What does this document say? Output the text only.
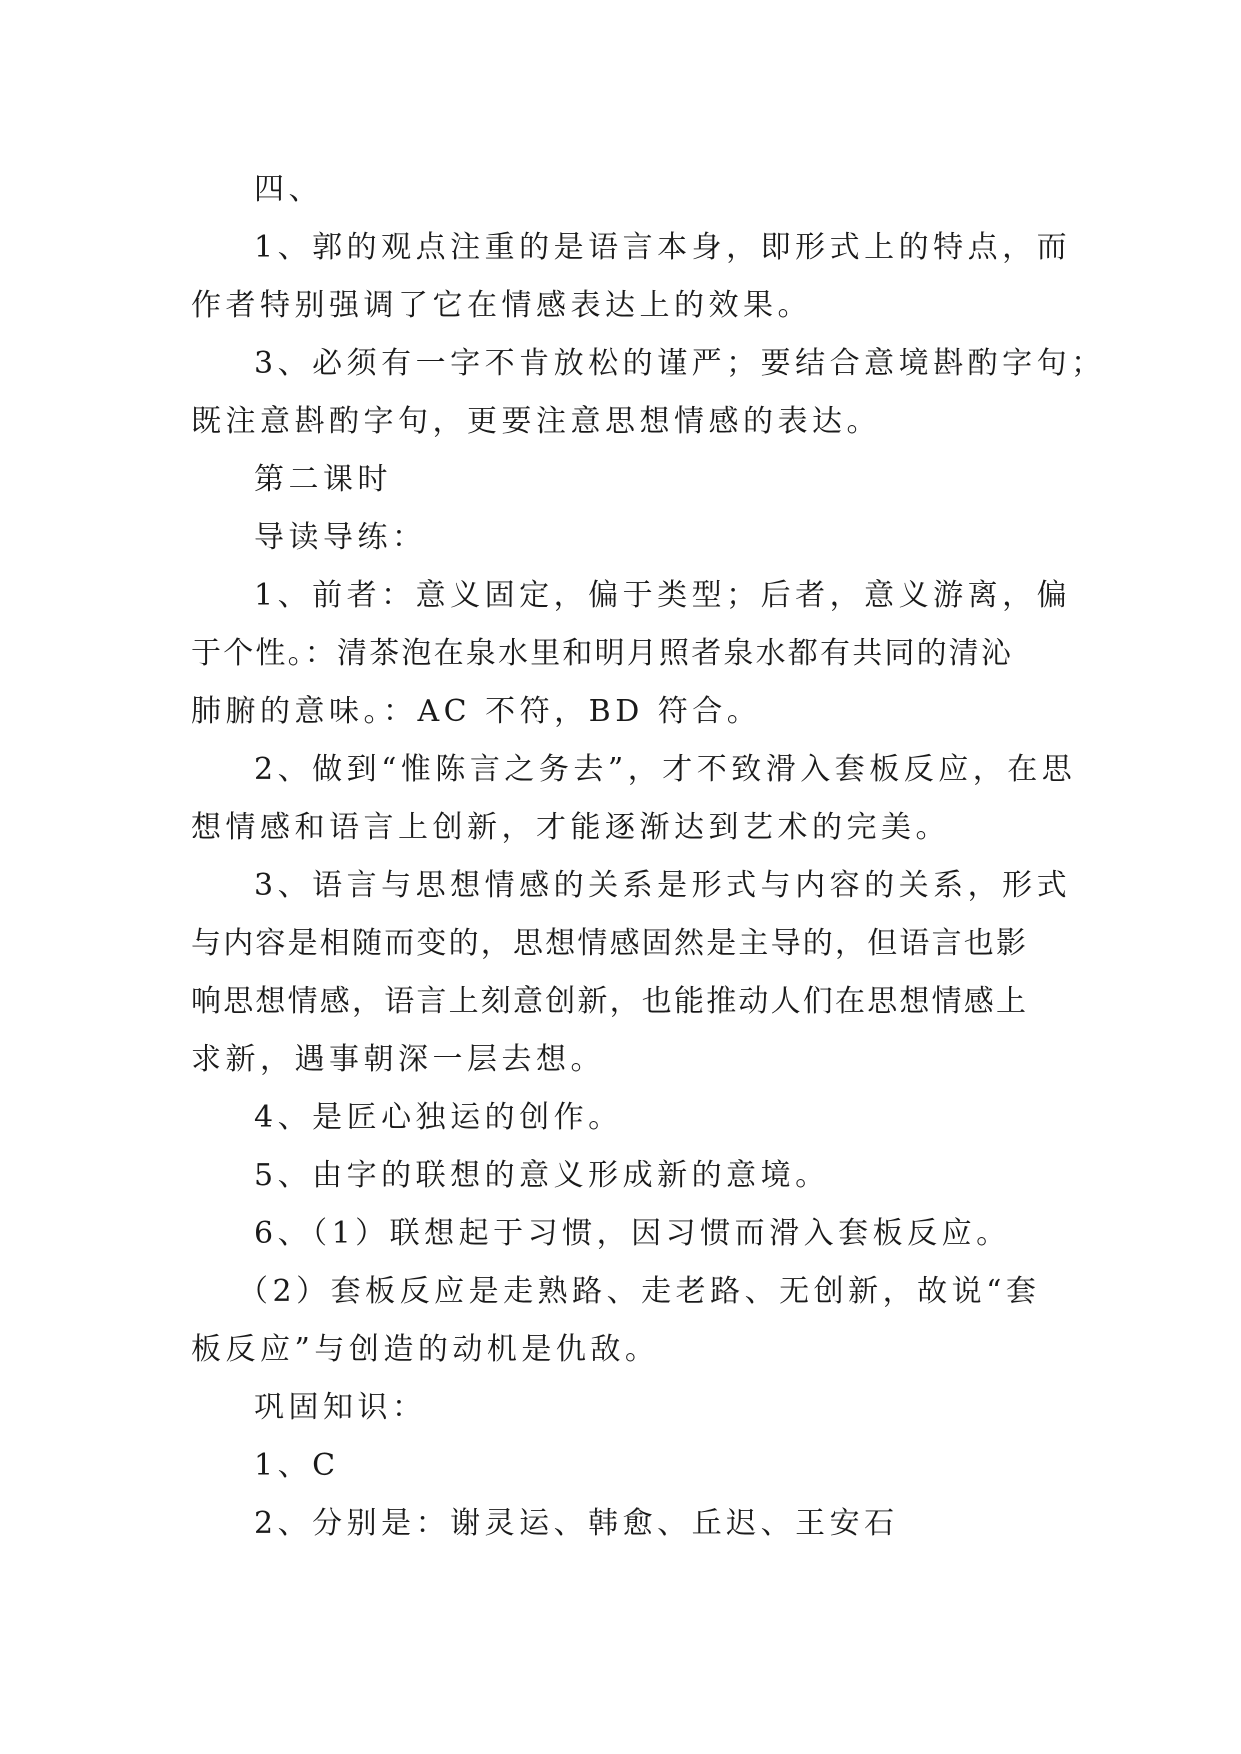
四、
1、郭的观点注重的是语言本身，即形式上的特点，而
作者特别强调了它在情感表达上的效果。
3、必须有一字不肯放松的谨严；要结合意境斟酌字句；
既注意斟酌字句，更要注意思想情感的表达。
第二课时
导读导练：
1、前者：意义固定，偏于类型；后者，意义游离，偏
于个性。：清茶泡在泉水里和明月照者泉水都有共同的清沁
肺腑的意味。：AC 不符，BD 符合。
2、做到“惟陈言之务去”，才不致滑入套板反应，在思
想情感和语言上创新，才能逐渐达到艺术的完美。
3、语言与思想情感的关系是形式与内容的关系，形式
与内容是相随而变的，思想情感固然是主导的，但语言也影
响思想情感，语言上刻意创新，也能推动人们在思想情感上
求新，遇事朝深一层去想。
4、是匠心独运的创作。
5、由字的联想的意义形成新的意境。
6、（1）联想起于习惯，因习惯而滑入套板反应。
（2）套板反应是走熟路、走老路、无创新，故说“套
板反应”与创造的动机是仇敌。
巩固知识：
1、C
2、分别是：谢灵运、韩愈、丘迟、王安石
